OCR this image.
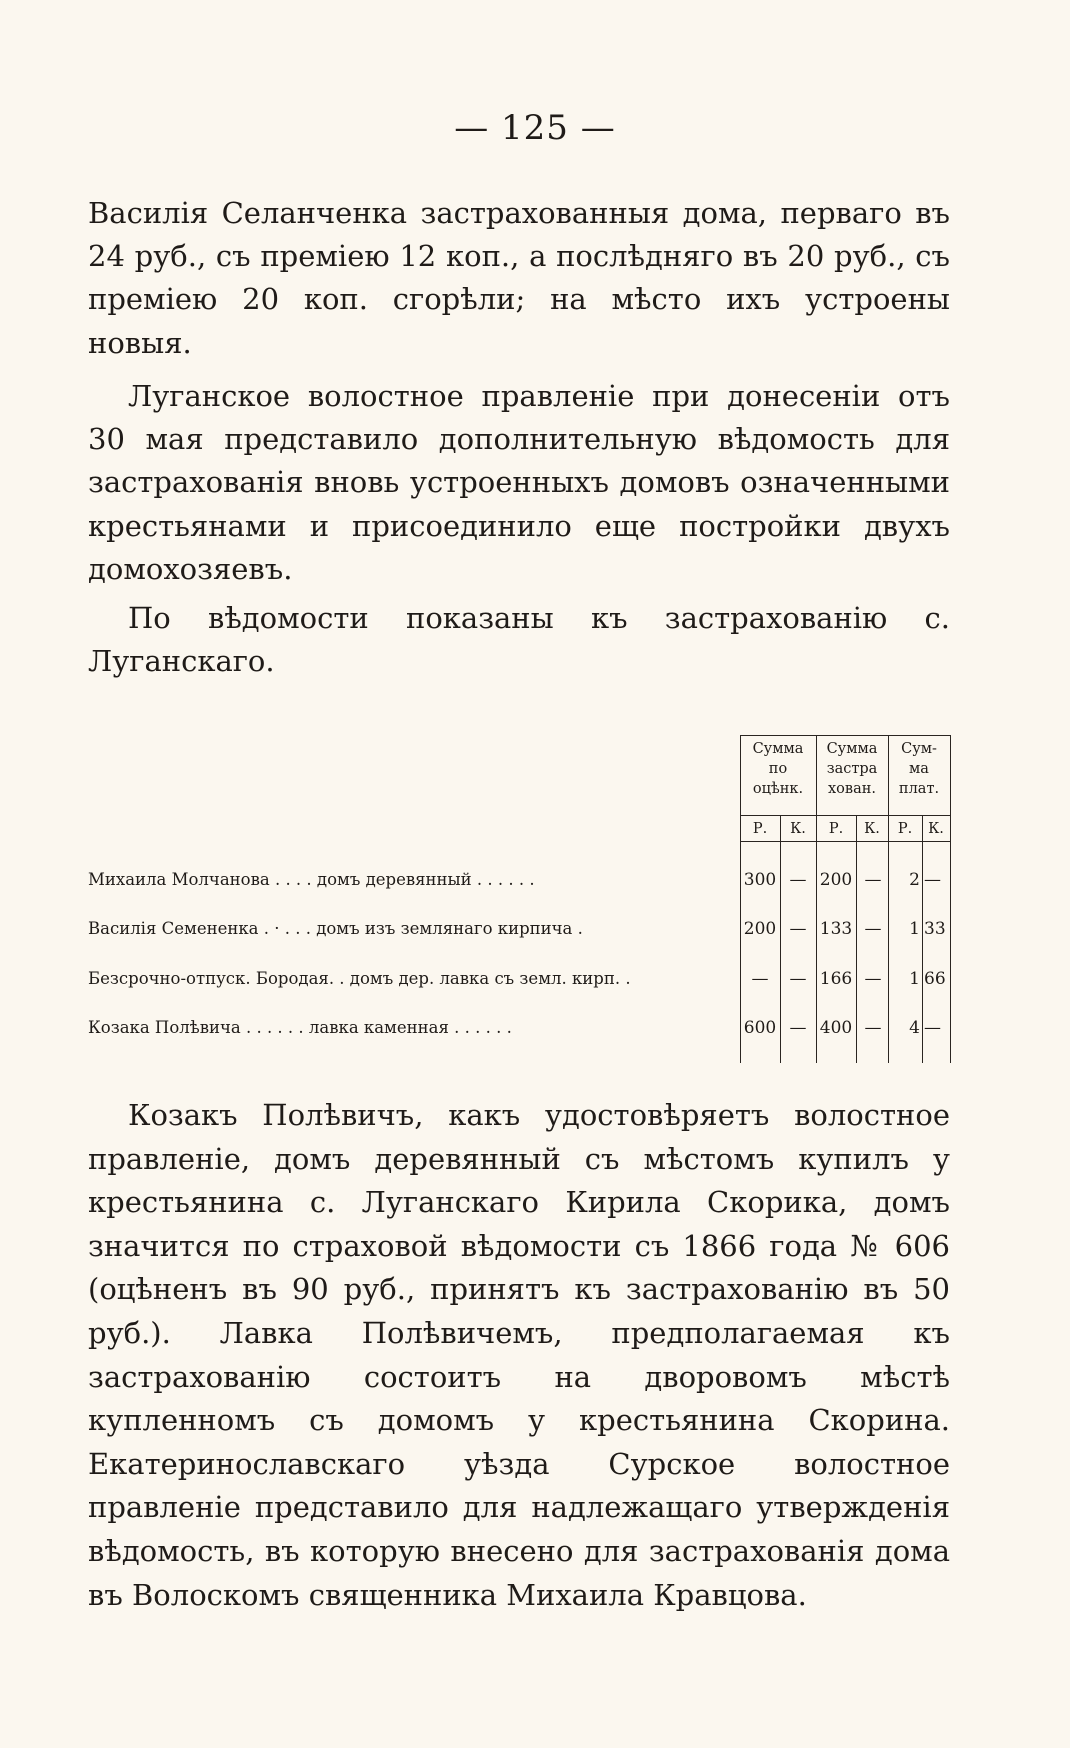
— 125 —

Василія Селанченка застрахованныя дома, перваго въ 24 руб., съ преміею 12 коп., а послѣдняго въ 20 руб., съ преміею 20 коп. сгорѣли; на мѣсто ихъ устроены новыя.

Луганское волостное правленіе при донесеніи отъ 30 мая представило дополнительную вѣдомость для застрахованія вновь устроенныхъ домовъ означенными крестьянами и присоединило еще постройки двухъ домохозяевъ.

По вѣдомости показаны къ застрахованію с. Луганскаго.

Сумма
по
оцѣнк.
Сумма
застра
хован.
Сум-
ма
плат.
Р.	К.	Р.	К.	Р.	К.
Михаила Молчанова . . . . домъ деревянный . . . . . .	300 — 200 —	2 —
Василія Семененка . · . . . домъ изъ землянаго кирпича .	200 — 133 —	1 33
Безсрочно-отпуск. Бородая. . домъ дер. лавка съ земл. кирп. .	—	— 166 —	1 66
Козака Полѣвича . . . . . . лавка каменная . . . . . .	600 — 400 —	4 —

Козакъ Полѣвичъ, какъ удостовѣряетъ волостное правленіе, домъ деревянный съ мѣстомъ купилъ у крестьянина с. Луганскаго Кирила Скорика, домъ значится по страховой вѣдомости съ 1866 года № 606 (оцѣненъ въ 90 руб., принятъ къ застрахованію въ 50 руб.). Лавка Полѣвичемъ, предполагаемая къ застрахованію состоитъ на дворовомъ мѣстѣ купленномъ съ домомъ у крестьянина Скорина. Екатеринославскаго уѣзда Сурское волостное правленіе представило для надлежащаго утвержденія вѣдомость, въ которую внесено для застрахованія дома въ Волоскомъ священника Михаила Кравцова.
